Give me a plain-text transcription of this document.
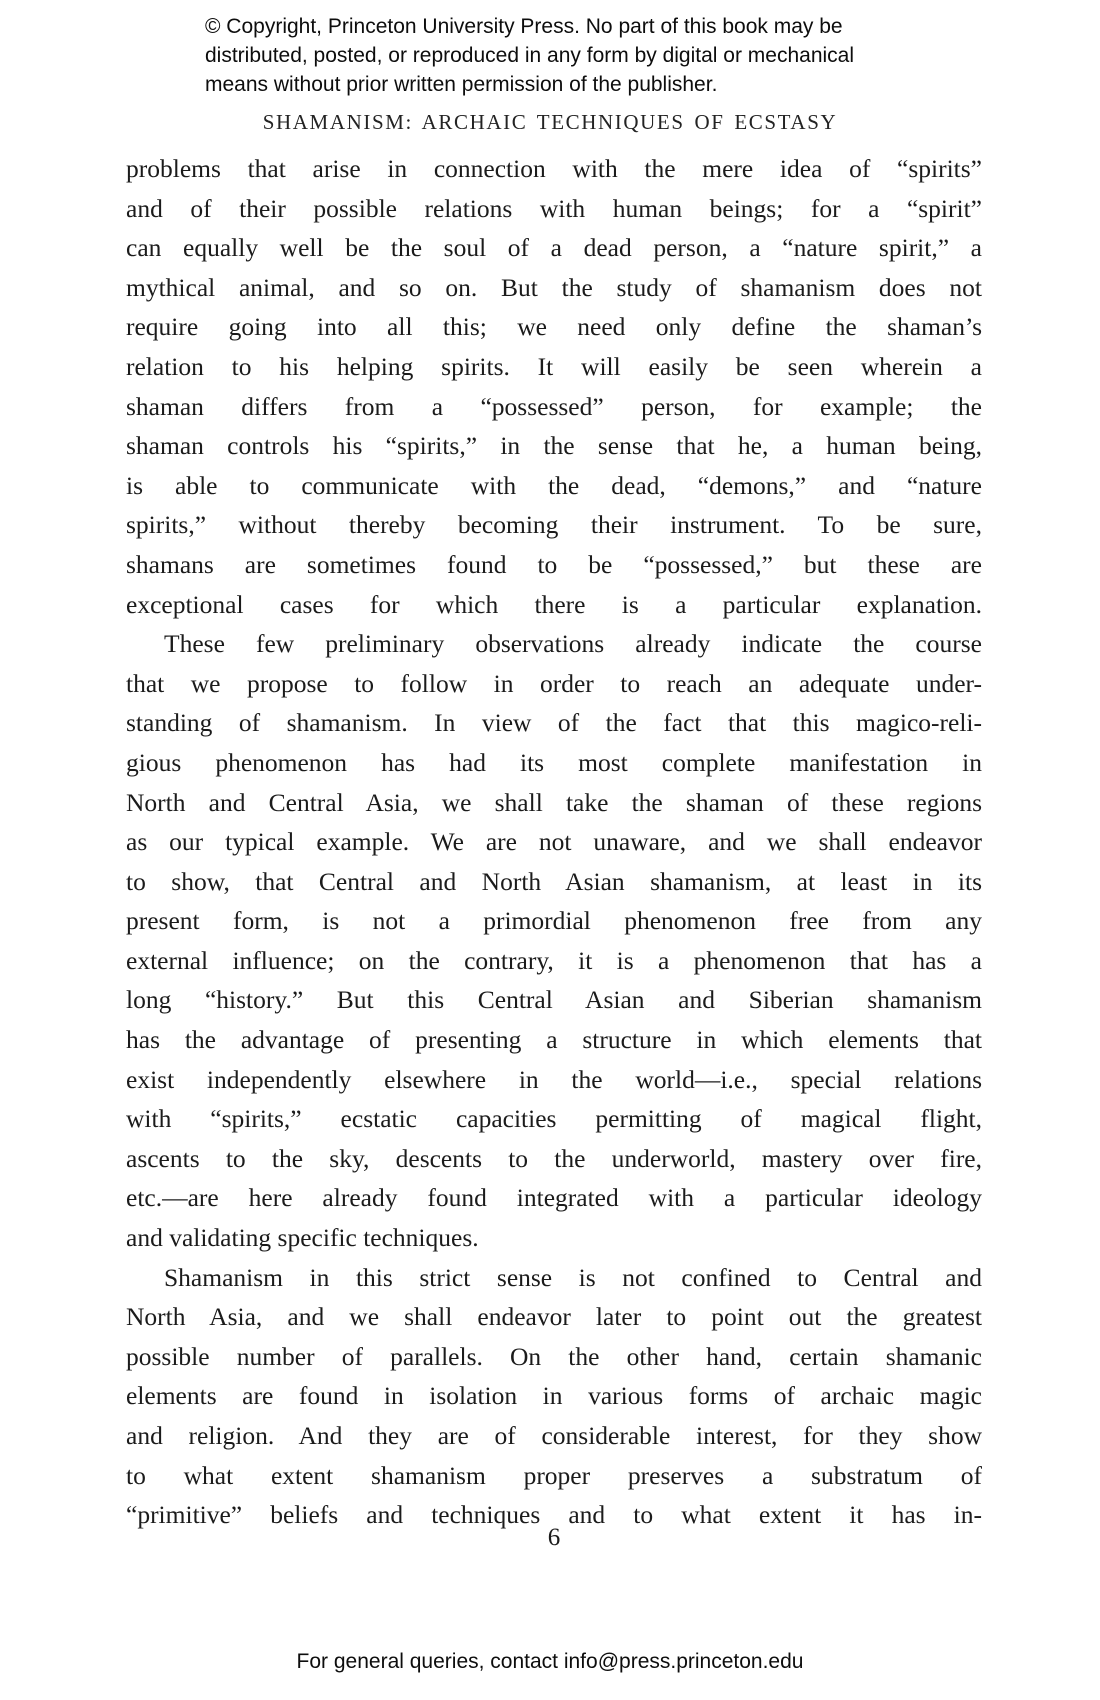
© Copyright, Princeton University Press. No part of this book may be
distributed, posted, or reproduced in any form by digital or mechanical
means without prior written permission of the publisher.
SHAMANISM: ARCHAIC TECHNIQUES OF ECSTASY
problems that arise in connection with the mere idea of “spirits”
and of their possible relations with human beings; for a “spirit”
can equally well be the soul of a dead person, a “nature spirit,” a
mythical animal, and so on. But the study of shamanism does not
require going into all this; we need only define the shaman’s
relation to his helping spirits. It will easily be seen wherein a
shaman differs from a “possessed” person, for example; the
shaman controls his “spirits,” in the sense that he, a human being,
is able to communicate with the dead, “demons,” and “nature
spirits,” without thereby becoming their instrument. To be sure,
shamans are sometimes found to be “possessed,” but these are
exceptional cases for which there is a particular explanation.
These few preliminary observations already indicate the course
that we propose to follow in order to reach an adequate under-
standing of shamanism. In view of the fact that this magico-reli-
gious phenomenon has had its most complete manifestation in
North and Central Asia, we shall take the shaman of these regions
as our typical example. We are not unaware, and we shall endeavor
to show, that Central and North Asian shamanism, at least in its
present form, is not a primordial phenomenon free from any
external influence; on the contrary, it is a phenomenon that has a
long “history.” But this Central Asian and Siberian shamanism
has the advantage of presenting a structure in which elements that
exist independently elsewhere in the world—i.e., special relations
with “spirits,” ecstatic capacities permitting of magical flight,
ascents to the sky, descents to the underworld, mastery over fire,
etc.—are here already found integrated with a particular ideology
and validating specific techniques.
Shamanism in this strict sense is not confined to Central and
North Asia, and we shall endeavor later to point out the greatest
possible number of parallels. On the other hand, certain shamanic
elements are found in isolation in various forms of archaic magic
and religion. And they are of considerable interest, for they show
to what extent shamanism proper preserves a substratum of
“primitive” beliefs and techniques and to what extent it has in-
6
For general queries, contact info@press.princeton.edu
